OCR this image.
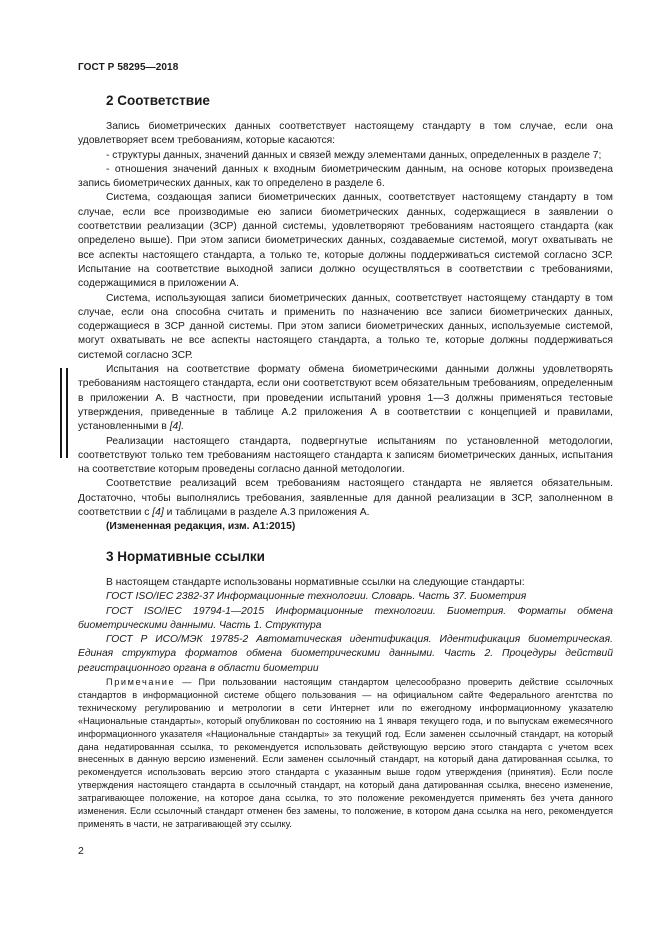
ГОСТ Р 58295—2018
2 Соответствие

Запись биометрических данных соответствует настоящему стандарту в том случае, если она удовлетворяет всем требованиям, которые касаются:

- структуры данных, значений данных и связей между элементами данных, определенных в разделе 7;

- отношения значений данных к входным биометрическим данным, на основе которых произведена запись биометрических данных, как то определено в разделе 6.

Система, создающая записи биометрических данных, соответствует настоящему стандарту в том случае, если все производимые ею записи биометрических данных, содержащиеся в заявлении о соответствии реализации (ЗСР) данной системы, удовлетворяют требованиям настоящего стандарта (как определено выше). При этом записи биометрических данных, создаваемые системой, могут охватывать не все аспекты настоящего стандарта, а только те, которые должны поддерживаться системой согласно ЗСР. Испытание на соответствие выходной записи должно осуществляться в соответствии с требованиями, содержащимися в приложении А.

Система, использующая записи биометрических данных, соответствует настоящему стандарту в том случае, если она способна считать и применить по назначению все записи биометрических данных, содержащиеся в ЗСР данной системы. При этом записи биометрических данных, используемые системой, могут охватывать не все аспекты настоящего стандарта, а только те, которые должны поддерживаться системой согласно ЗСР.

Испытания на соответствие формату обмена биометрическими данными должны удовлетворять требованиям настоящего стандарта, если они соответствуют всем обязательным требованиям, определенным в приложении А. В частности, при проведении испытаний уровня 1—3 должны применяться тестовые утверждения, приведенные в таблице А.2 приложения А в соответствии с концепцией и правилами, установленными в [4].

Реализации настоящего стандарта, подвергнутые испытаниям по установленной методологии, соответствуют только тем требованиям настоящего стандарта к записям биометрических данных, испытания на соответствие которым проведены согласно данной методологии.

Соответствие реализаций всем требованиям настоящего стандарта не является обязательным. Достаточно, чтобы выполнялись требования, заявленные для данной реализации в ЗСР, заполненном в соответствии с [4] и таблицами в разделе А.3 приложения А.

(Измененная редакция, изм. А1:2015)

3 Нормативные ссылки

В настоящем стандарте использованы нормативные ссылки на следующие стандарты:

ГОСТ ISO/IEC 2382-37 Информационные технологии. Словарь. Часть 37. Биометрия

ГОСТ ISO/IEC 19794-1—2015 Информационные технологии. Биометрия. Форматы обмена биометрическими данными. Часть 1. Структура

ГОСТ Р ИСО/МЭК 19785-2 Автоматическая идентификация. Идентификация биометрическая. Единая структура форматов обмена биометрическими данными. Часть 2. Процедуры действий регистрационного органа в области биометрии

Примечание — При пользовании настоящим стандартом целесообразно проверить действие ссылочных стандартов в информационной системе общего пользования — на официальном сайте Федерального агентства по техническому регулированию и метрологии в сети Интернет или по ежегодному информационному указателю «Национальные стандарты», который опубликован по состоянию на 1 января текущего года, и по выпускам ежемесячного информационного указателя «Национальные стандарты» за текущий год. Если заменен ссылочный стандарт, на который дана недатированная ссылка, то рекомендуется использовать действующую версию этого стандарта с учетом всех внесенных в данную версию изменений. Если заменен ссылочный стандарт, на который дана датированная ссылка, то рекомендуется использовать версию этого стандарта с указанным выше годом утверждения (принятия). Если после утверждения настоящего стандарта в ссылочный стандарт, на который дана датированная ссылка, внесено изменение, затрагивающее положение, на которое дана ссылка, то это положение рекомендуется применять без учета данного изменения. Если ссылочный стандарт отменен без замены, то положение, в котором дана ссылка на него, рекомендуется применять в части, не затрагивающей эту ссылку.

2
